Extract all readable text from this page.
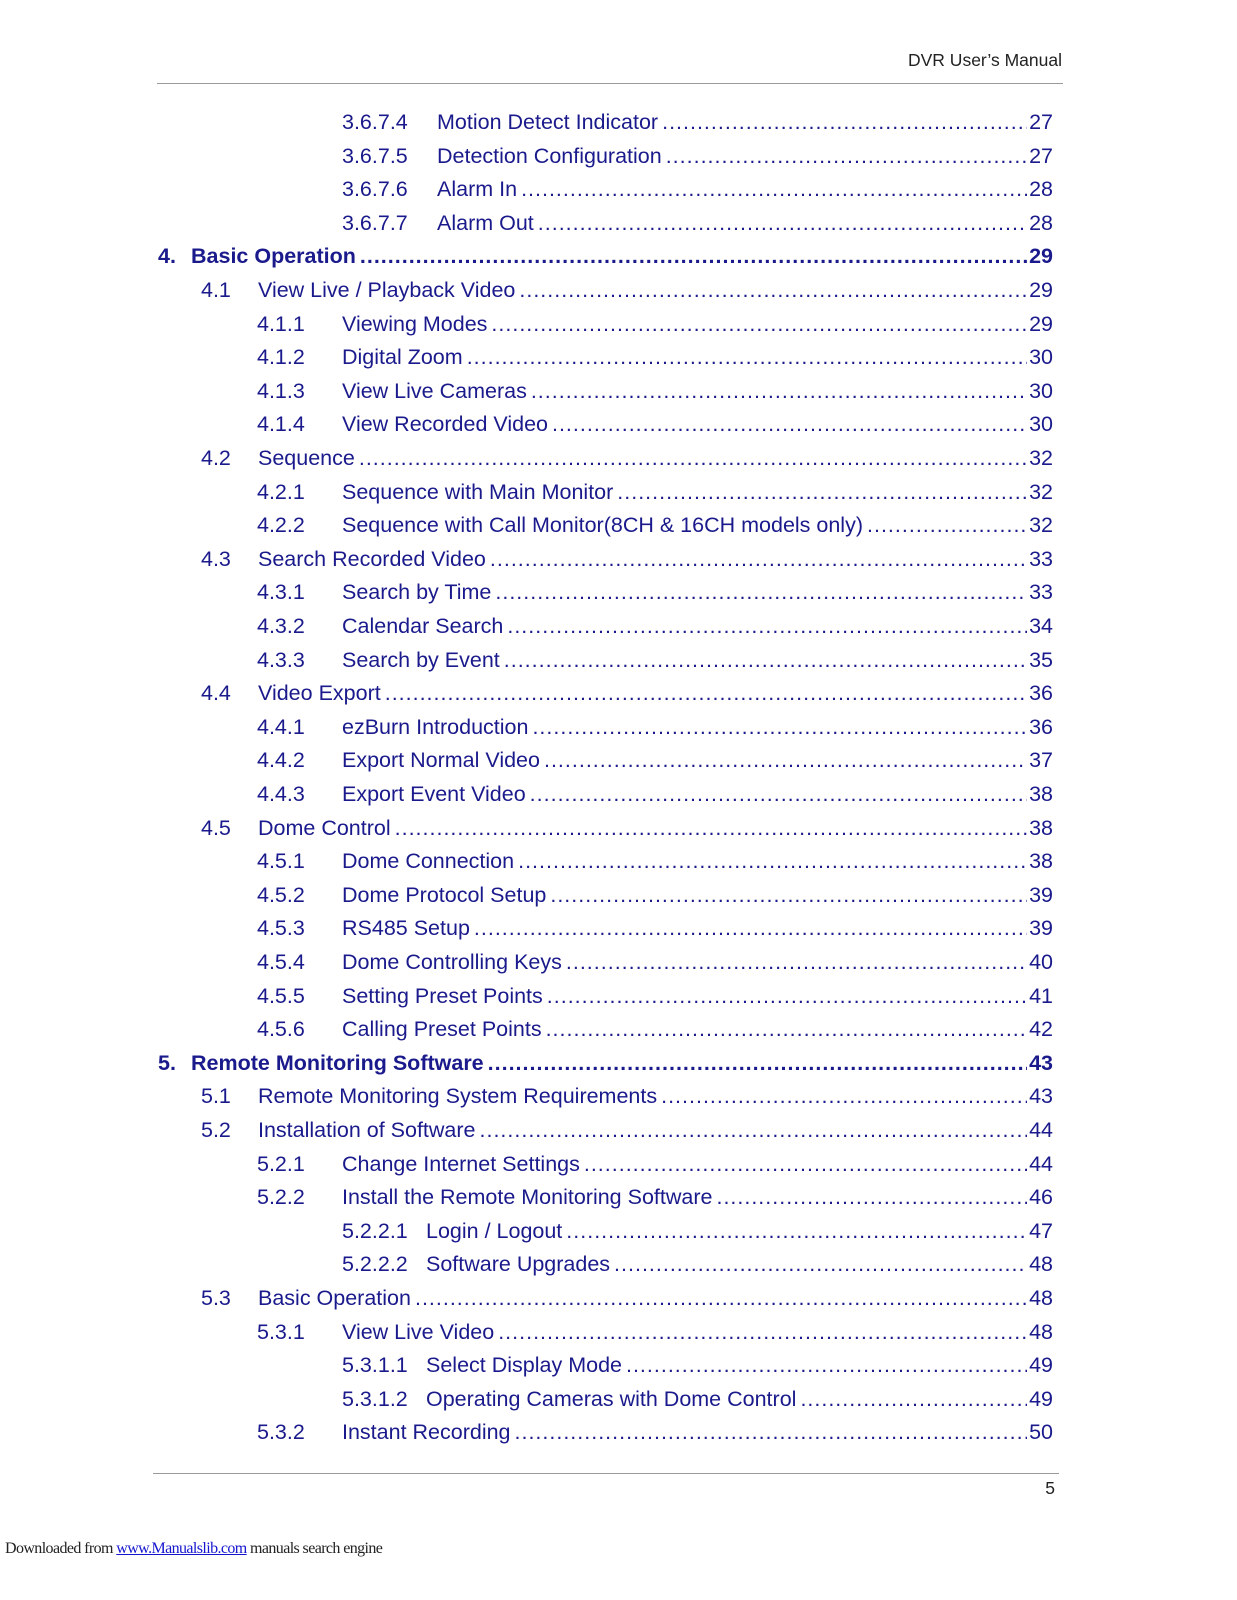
DVR User’s Manual
3.6.7.4	Motion Detect Indicator .....	27
3.6.7.5	Detection Configuration .....	27
3.6.7.6	Alarm In .....	28
3.6.7.7	Alarm Out .....	28
4. Basic Operation .....	29
4.1	View Live / Playback Video .....	29
4.1.1	Viewing Modes .....	29
4.1.2	Digital Zoom .....	30
4.1.3	View Live Cameras .....	30
4.1.4	View Recorded Video .....	30
4.2	Sequence .....	32
4.2.1	Sequence with Main Monitor .....	32
4.2.2	Sequence with Call Monitor(8CH & 16CH models only) .....	32
4.3	Search Recorded Video .....	33
4.3.1	Search by Time .....	33
4.3.2	Calendar Search .....	34
4.3.3	Search by Event .....	35
4.4	Video Export .....	36
4.4.1	ezBurn Introduction .....	36
4.4.2	Export Normal Video .....	37
4.4.3	Export Event Video .....	38
4.5	Dome Control .....	38
4.5.1	Dome Connection .....	38
4.5.2	Dome Protocol Setup .....	39
4.5.3	RS485 Setup .....	39
4.5.4	Dome Controlling Keys .....	40
4.5.5	Setting Preset Points .....	41
4.5.6	Calling Preset Points .....	42
5. Remote Monitoring Software .....	43
5.1	Remote Monitoring System Requirements .....	43
5.2	Installation of Software .....	44
5.2.1	Change Internet Settings .....	44
5.2.2	Install the Remote Monitoring Software .....	46
5.2.2.1 Login / Logout .....	47
5.2.2.2 Software Upgrades .....	48
5.3	Basic Operation .....	48
5.3.1	View Live Video .....	48
5.3.1.1 Select Display Mode .....	49
5.3.1.2 Operating Cameras with Dome Control .....	49
5.3.2	Instant Recording .....	50
5
Downloaded from www.Manualslib.com manuals search engine
